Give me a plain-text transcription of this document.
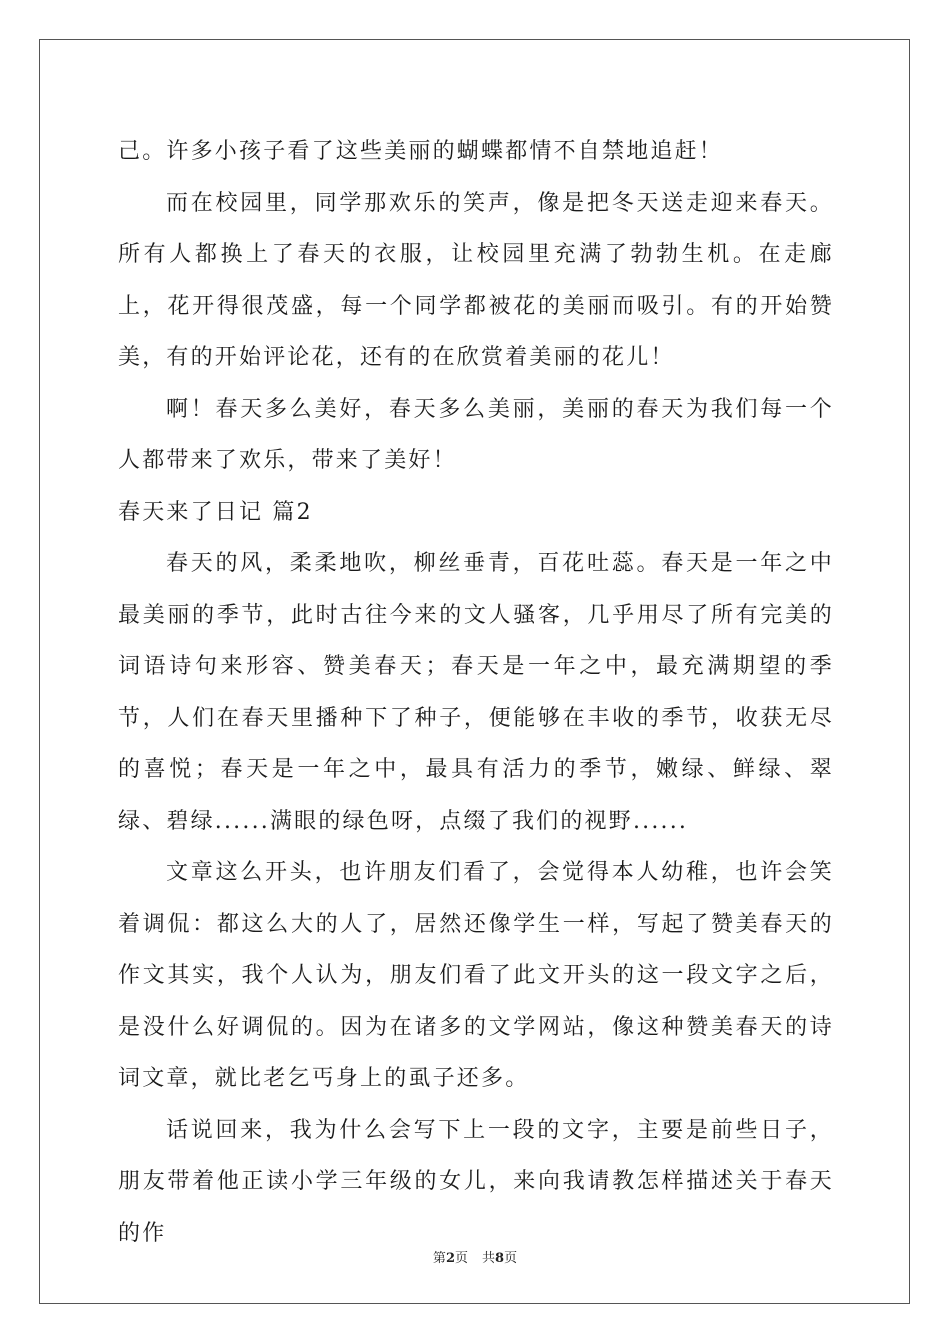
己。许多小孩子看了这些美丽的蝴蝶都情不自禁地追赶！

而在校园里，同学那欢乐的笑声，像是把冬天送走迎来春天。所有人都换上了春天的衣服，让校园里充满了勃勃生机。在走廊上，花开得很茂盛，每一个同学都被花的美丽而吸引。有的开始赞美，有的开始评论花，还有的在欣赏着美丽的花儿！

啊！春天多么美好，春天多么美丽，美丽的春天为我们每一个人都带来了欢乐，带来了美好！

春天来了日记 篇2

春天的风，柔柔地吹，柳丝垂青，百花吐蕊。春天是一年之中最美丽的季节，此时古往今来的文人骚客，几乎用尽了所有完美的词语诗句来形容、赞美春天；春天是一年之中，最充满期望的季节，人们在春天里播种下了种子，便能够在丰收的季节，收获无尽的喜悦；春天是一年之中，最具有活力的季节，嫩绿、鲜绿、翠绿、碧绿......满眼的绿色呀，点缀了我们的视野......

文章这么开头，也许朋友们看了，会觉得本人幼稚，也许会笑着调侃：都这么大的人了，居然还像学生一样，写起了赞美春天的作文其实，我个人认为，朋友们看了此文开头的这一段文字之后，是没什么好调侃的。因为在诸多的文学网站，像这种赞美春天的诗词文章，就比老乞丐身上的虱子还多。

话说回来，我为什么会写下上一段的文字，主要是前些日子，朋友带着他正读小学三年级的女儿，来向我请教怎样描述关于春天的作

第2页 共8页
